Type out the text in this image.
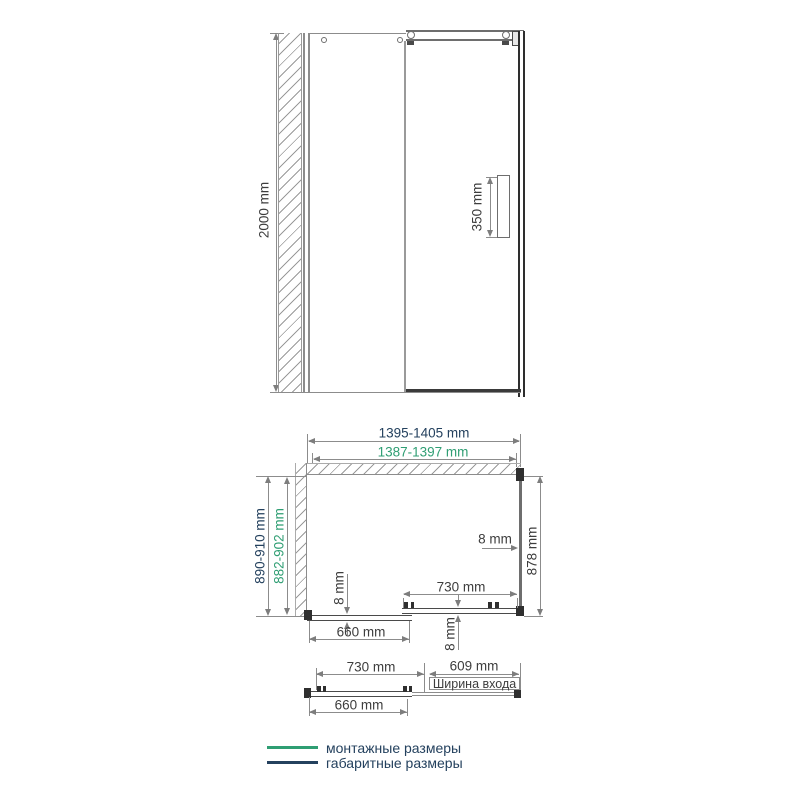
2000 mm	350 mm
1395-1405 mm
1387-1397 mm
890-910 mm 882-902 mm	8 mm 878 mm
730 mm
8 mm
8 mm
660 mm
730 mm	609 mm
Ширина входа
660 mm
монтажные размеры
габаритные размеры
